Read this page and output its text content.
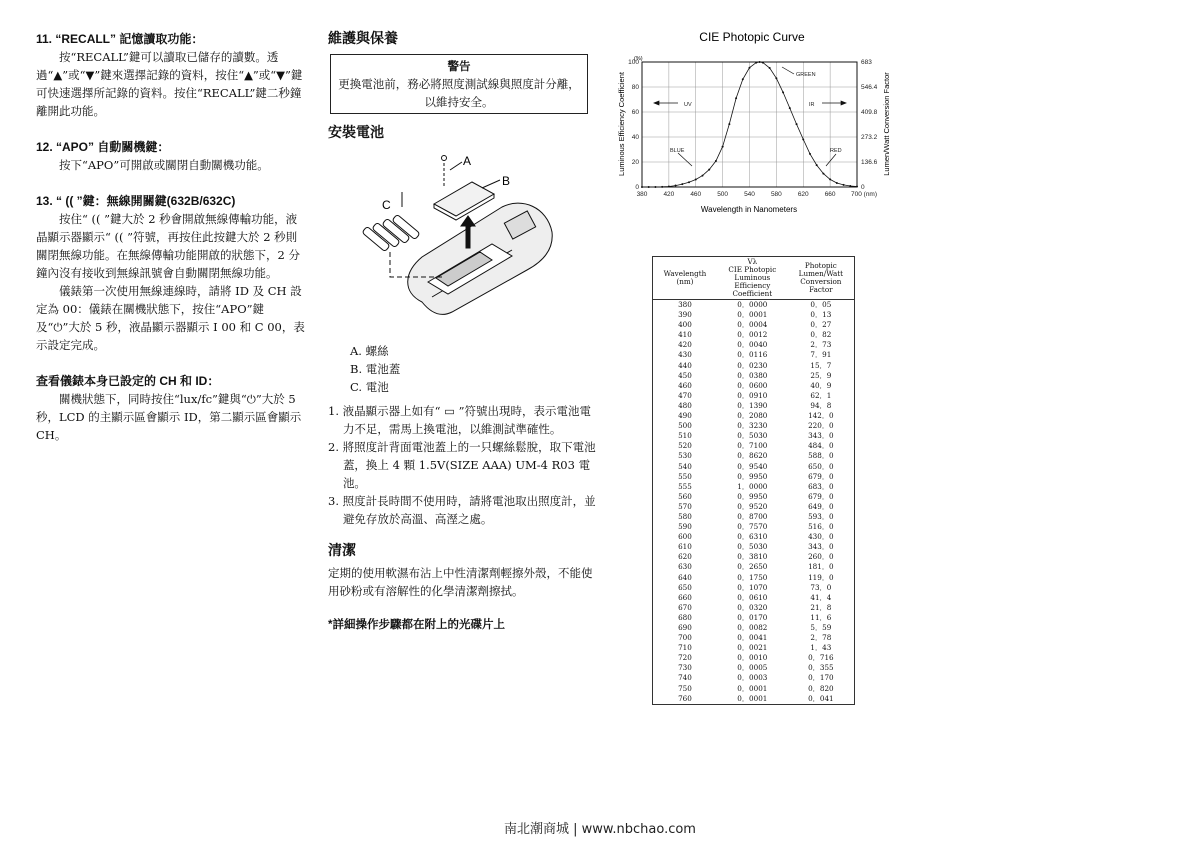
11. “RECALL” 記憶讀取功能：

按“RECALL”鍵可以讀取已儲存的讀數。透過“▲”或“▼”鍵來選擇記錄的資料，按住“▲”或“▼”鍵可快速選擇所記錄的資料。按住“RECALL”鍵二秒鐘離開此功能。

12. “APO” 自動關機鍵：

按下“APO”可開啟或關閉自動關機功能。

13. “ (( ”鍵：無線開關鍵(632B/632C)

按住“ (( ”鍵大於 2 秒會開啟無線傳輸功能，液晶顯示器顯示“ (( ”符號，再按住此按鍵大於 2 秒則關閉無線功能。在無線傳輸功能開啟的狀態下，2 分鐘內沒有接收到無線訊號會自動關閉無線功能。

儀錶第一次使用無線連線時，請將 ID 及 CH 設定為 00：儀錶在關機狀態下，按住“APO”鍵及“⏻”大於 5 秒，液晶顯示器顯示 I 00 和 C 00，表示設定完成。

查看儀錶本身已設定的 CH 和 ID：

關機狀態下，同時按住“lux/fc”鍵與“⏻”大於 5 秒，LCD 的主顯示區會顯示 ID，第二顯示區會顯示 CH。

維護與保養

警告
更換電池前，務必將照度測試線與照度計分離，以維持安全。

安裝電池

A. 螺絲
B. 電池蓋
C. 電池
1. 液晶顯示器上如有“ ▭ ”符號出現時，表示電池電力不足，需馬上換電池，以維測試準確性。
2. 將照度計背面電池蓋上的一只螺絲鬆脫，取下電池蓋，換上 4 顆 1.5V(SIZE AAA) UM-4 R03 電池。
3. 照度計長時間不使用時，請將電池取出照度計，並避免存放於高溫、高溼之處。

清潔

定期的使用軟濕布沾上中性清潔劑輕擦外殼，不能使用砂粉或有溶解性的化學清潔劑擦拭。

*詳細操作步驟都在附上的光碟片上

A
B
C
CIE Photopic Curve
380 420 460 500 540 580 620 660 700 (nm)
0	0
20	136.6
40	273.2
60	409.8
80	546.4
100	683
(%)
Wavelength in Nanometers
Luminous Efficiency Coefficient	Lumen/Watt Conversion Factor
UV	IR
GREEN
BLUE	RED
Wavelength
(nm)	Vλ
CIE Photopic
Luminous
Efficiency
Coefficient	Photopic
Lumen/Watt
Conversion
Factor
380	0．0000	0．05
390	0．0001	0．13
400	0．0004	0．27
410	0．0012	0．82
420	0．0040	2．73
430	0．0116	7．91
440	0．0230	15．7
450	0．0380	25．9
460	0．0600	40．9
470	0．0910	62．1
480	0．1390	94．8
490	0．2080	142．0
500	0．3230	220．0
510	0．5030	343．0
520	0．7100	484．0
530	0．8620	588．0
540	0．9540	650．0
550	0．9950	679．0
555	1．0000	683．0
560	0．9950	679．0
570	0．9520	649．0
580	0．8700	593．0
590	0．7570	516．0
600	0．6310	430．0
610	0．5030	343．0
620	0．3810	260．0
630	0．2650	181．0
640	0．1750	119．0
650	0．1070	73．0
660	0．0610	41．4
670	0．0320	21．8
680	0．0170	11．6
690	0．0082	5．59
700	0．0041	2．78
710	0．0021	1．43
720	0．0010	0．716
730	0．0005	0．355
740	0．0003	0．170
750	0．0001	0．820
760	0．0001	0．041
南北潮商城 | www.nbchao.com
